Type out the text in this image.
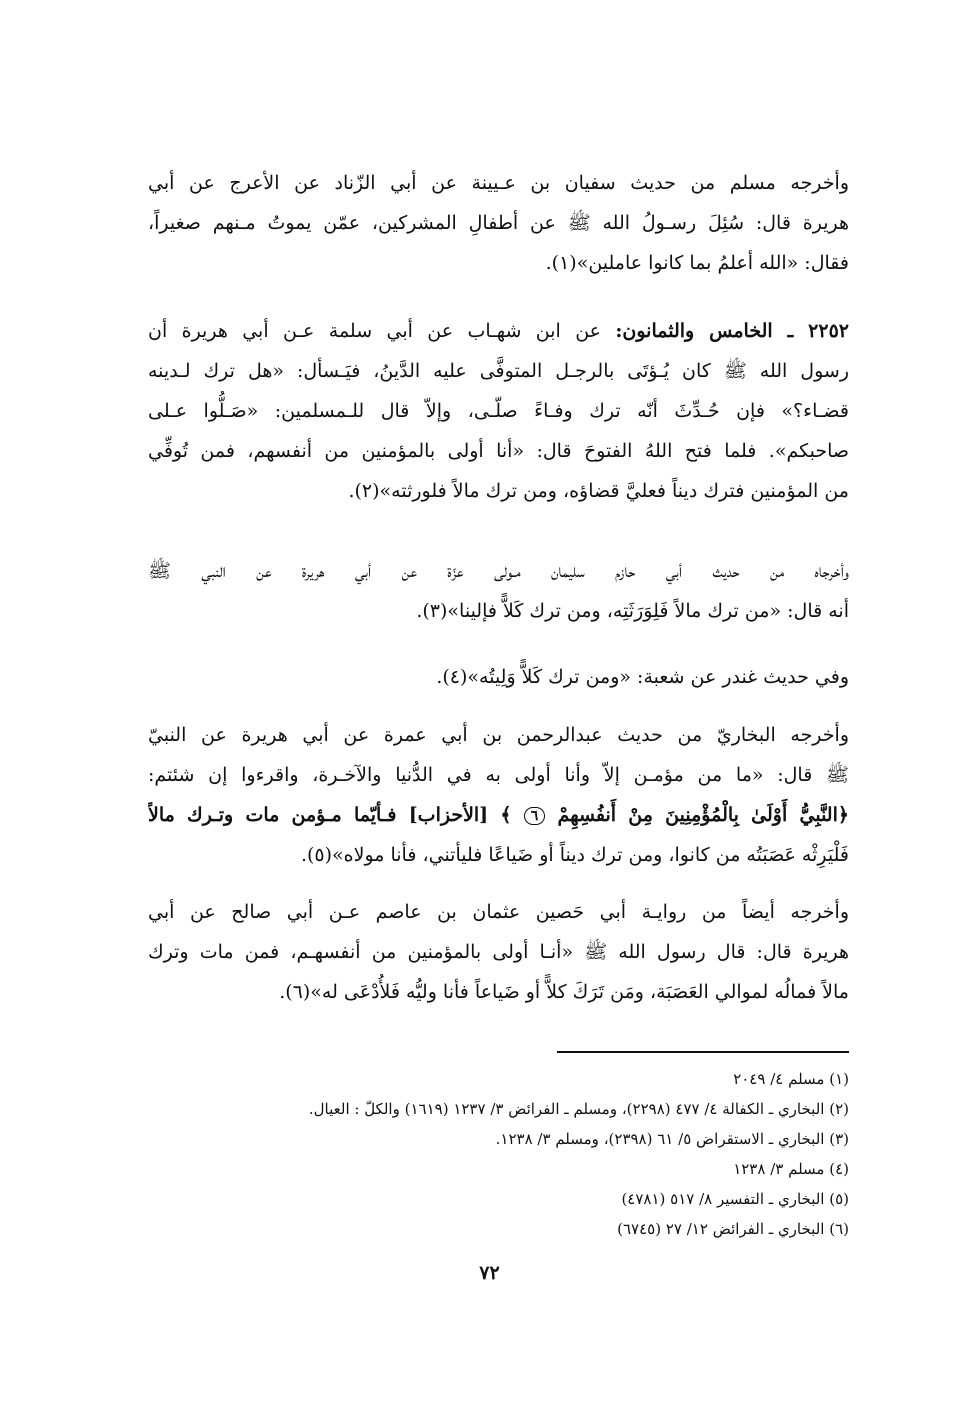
وأخرجه مسلم من حديث سفيان بن عـيينة عن أبي الزّناد عن الأعرج عن أبي
هريرة قال: سُئِلَ رسـولُ الله ﷺ عن أطفالِ المشركين، عمّن يموتُ مـنهم صغيراً،
فقال: «الله أعلمُ بما كانوا عاملين»(١).
٢٢٥٢ ـ الخامس والثمانون: عن ابن شهـاب عن أبي سلمة عـن أبي هريرة أن
رسول الله ﷺ كان يُـؤتَى بالرجـل المتوفَّى عليه الدَّينُ، فيَـسأل: «هل ترك لـدينه
قضـاء؟» فإن حُـدِّثَ أنّه ترك وفـاءً صلّـى، وإلاّ قال للـمسلمين: «صَـلُّوا عـلى
صاحبكم». فلما فتح اللهُ الفتوحَ قال: «أنا أولى بالمؤمنين من أنفسهم، فمن تُوفِّي
من المؤمنين فترك ديناً فعليَّ قضاؤه، ومن ترك مالاً فلورثته»(٢).
وأخرجاه من حديث أبي حازم سليمان مـولى عزّة عن أبي هريرة عن النبي ﷺ
أنه قال: «من ترك مالاً فَلِوَرَثَتِه، ومن ترك كَلاًّ فإلينا»(٣).
وفي حديث غندر عن شعبة: «ومن ترك كَلاًّ وَلِيتُه»(٤).
وأخرجه البخاريّ من حديث عبدالرحمن بن أبي عمرة عن أبي هريرة عن النبيّ
ﷺ قال: «ما من مؤمـن إلاّ وأنا أولى به في الدُّنيا والآخـرة، واقرءوا إن شئتم:
﴿النَّبِيُّ أَوْلَىٰ بِالْمُؤْمِنِينَ مِنْ أَنفُسِهِمْ ٦ ﴾ [الأحزاب] فـأيّما مـؤمن مات وتـرك مالاً
فَلْيَرِثْه عَصَبَتُه من كانوا، ومن ترك ديناً أو ضَياعًا فليأتني، فأنا مولاه»(٥).
وأخرجه أيضاً من روايـة أبي حَصين عثمان بن عاصم عـن أبي صالح عن أبي
هريرة قال: قال رسول الله ﷺ «أنـا أولى بالمؤمنين من أنفسهـم، فمن مات وترك
مالاً فمالُه لموالي العَصَبَة، ومَن تَرَكَ كلاًّ أو ضَياعاً فأنا وليُّه فَلأُدْعَى له»(٦).
(١) مسلم ٤/ ٢٠٤٩
(٢) البخاري ـ الكفالة ٤/ ٤٧٧ (٢٢٩٨)، ومسلم ـ الفرائض ٣/ ١٢٣٧ (١٦١٩) والكلّ : العيال.
(٣) البخاري ـ الاستقراض ٥/ ٦١ (٢٣٩٨)، ومسلم ٣/ ١٢٣٨.
(٤) مسلم ٣/ ١٢٣٨
(٥) البخاري ـ التفسير ٨/ ٥١٧ (٤٧٨١)
(٦) البخاري ـ الفرائض ١٢/ ٢٧ (٦٧٤٥)
٧٢
